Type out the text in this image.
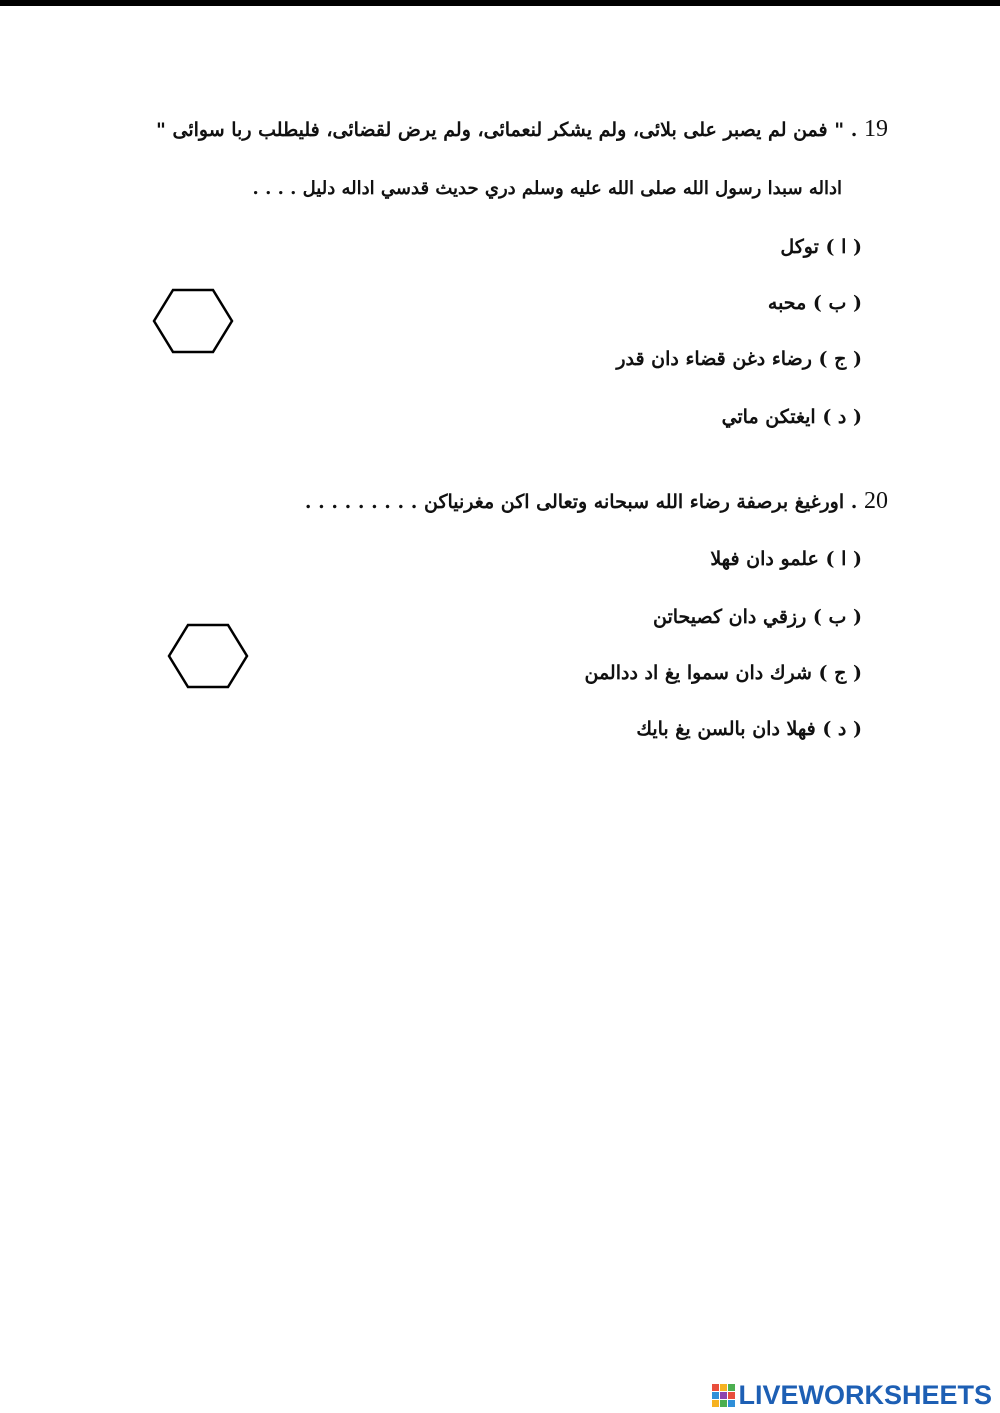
19 . " فمن لم يصبر على بلائى، ولم يشكر لنعمائى، ولم يرض لقضائى، فليطلب ربا سوائى "
اداله سبدا رسول الله صلى الله عليه وسلم دري حديث قدسي اداله دليل . . . .
( ا ) توكل
( ب ) محبه
( ج ) رضاء دغن قضاء دان قدر
( د ) ايغتكن ماتي
20 . اورغيغ برصفة رضاء الله سبحانه وتعالى اكن مغرنياكن . . . . . . . . .
( ا ) علمو دان فهلا
( ب ) رزقي دان كصيحاتن
( ج ) شرك دان سموا يغ اد ددالمن
( د ) فهلا دان بالسن يغ بايك
LIVEWORKSHEETS
